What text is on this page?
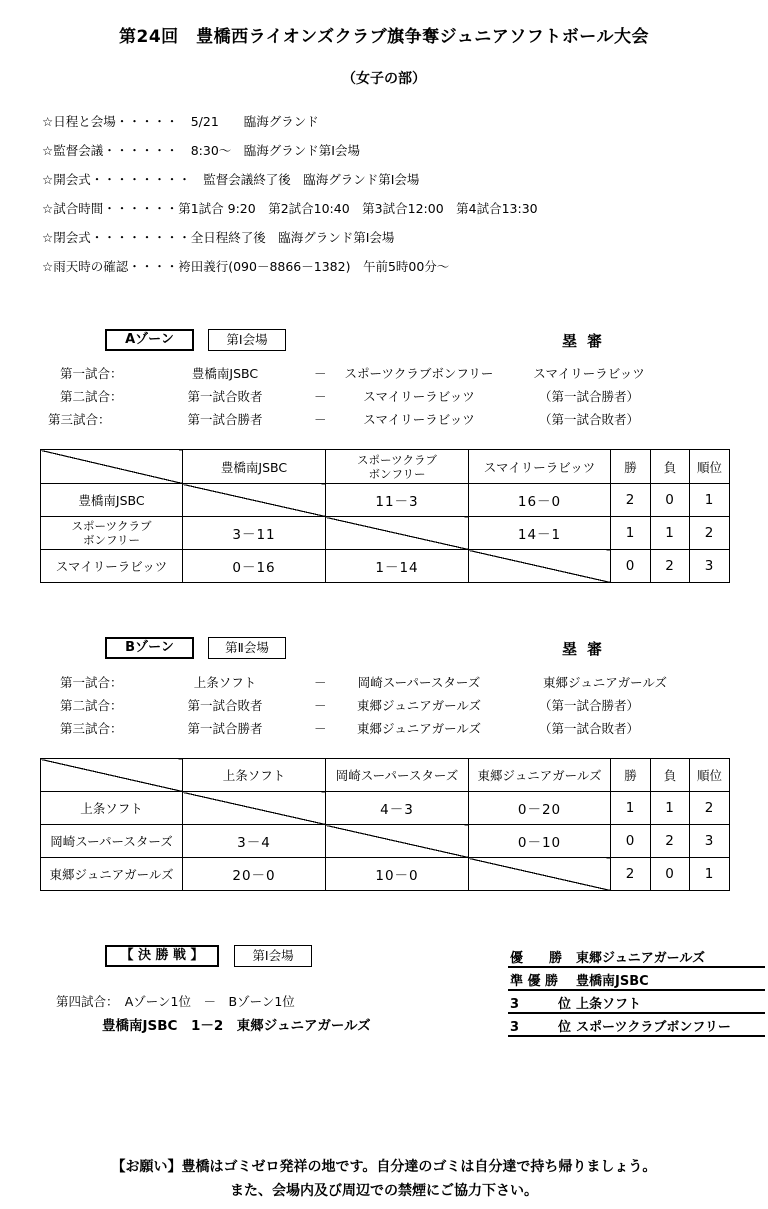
第24回　豊橋西ライオンズクラブ旗争奪ジュニアソフトボール大会
（女子の部）
☆日程と会場・・・・・　5/21　　臨海グランド
☆監督会議・・・・・・　8:30～　臨海グランド第Ⅰ会場
☆開会式・・・・・・・・　監督会議終了後　臨海グランド第Ⅰ会場
☆試合時間・・・・・・第1試合 9:20　第2試合10:40　第3試合12:00　第4試合13:30
☆閉会式・・・・・・・・全日程終了後　臨海グランド第Ⅰ会場
☆雨天時の確認・・・・袴田義行(090－8866－1382)　午前5時00分～
Aゾーン	第Ⅰ会場	塁審
第一試合：	豊橋南JSBC	－	スポーツクラブボンフリー	スマイリーラビッツ
第二試合：	第一試合敗者	－	スマイリーラビッツ	（第一試合勝者）
第三試合：	第一試合勝者	－	スマイリーラビッツ	（第一試合敗者）
	豊橋南JSBC	スポーツクラブ
ボンフリー	スマイリーラビッツ	勝	負	順位
豊橋南JSBC		11－3	16－0	2	0	1
スポーツクラブ
ボンフリー	3－11		14－1	1	1	2
スマイリーラビッツ	0－16	1－14		0	2	3
Bゾーン	第Ⅱ会場	塁審
第一試合：	上条ソフト	－	岡崎スーパースターズ	東郷ジュニアガールズ
第二試合：	第一試合敗者	－	東郷ジュニアガールズ	（第一試合勝者）
第三試合：	第一試合勝者	－	東郷ジュニアガールズ	（第一試合敗者）
	上条ソフト	岡崎スーパースターズ	東郷ジュニアガールズ	勝	負	順位
上条ソフト		4－3	0－20	1	1	2
岡崎スーパースターズ	3－4		0－10	0	2	3
東郷ジュニアガールズ	20－0	10－0		2	0	1
【 決 勝 戦 】	第Ⅰ会場
第四試合：　Aゾーン1位　－　Bゾーン1位
豊橋南JSBC　1－2　東郷ジュニアガールズ
優　　勝 東郷ジュニアガールズ
準 優 勝 豊橋南JSBC
3　　　位 上条ソフト
3　　　位 スポーツクラブボンフリー
【お願い】豊橋はゴミゼロ発祥の地です。自分達のゴミは自分達で持ち帰りましょう。
また、会場内及び周辺での禁煙にご協力下さい。
